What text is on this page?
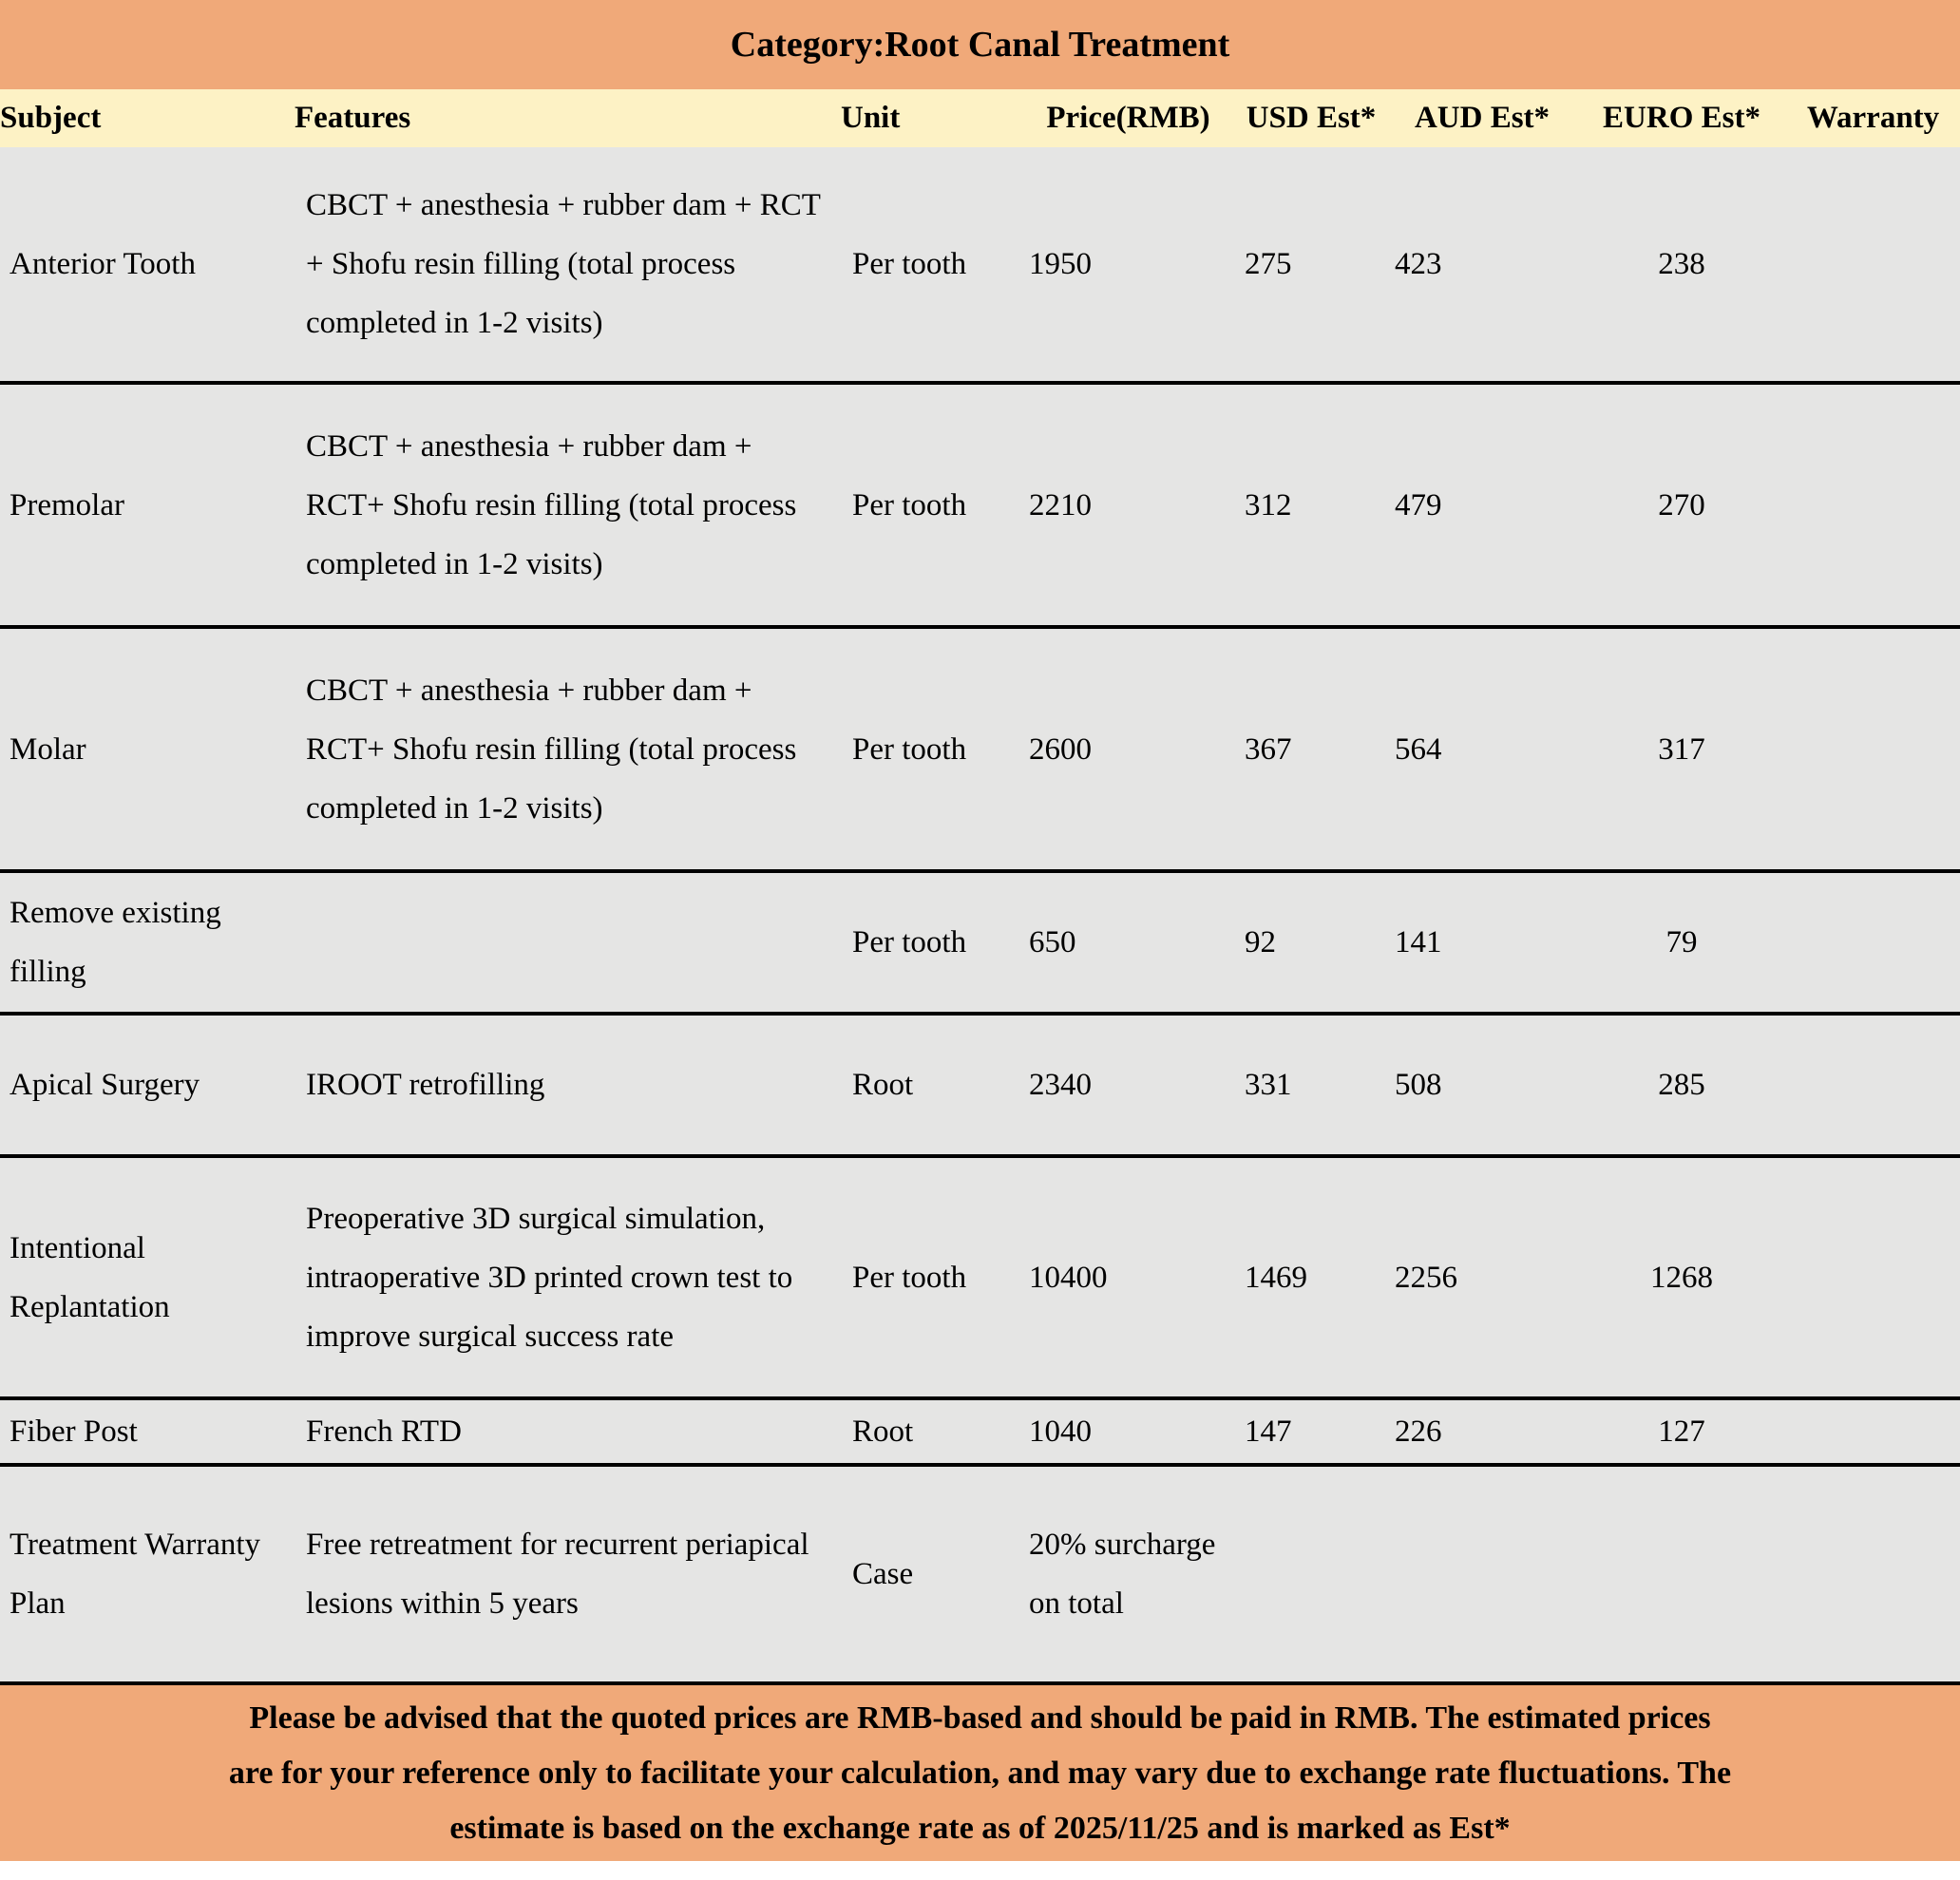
Category:Root Canal Treatment							
Subject	Features	Unit	Price(RMB)	USD Est*	AUD Est*	EURO Est*	Warranty
Anterior Tooth	CBCT + anesthesia + rubber dam + RCT + Shofu resin filling (total process completed in 1-2 visits)	Per tooth	1950	275	423	238	
Premolar	CBCT + anesthesia + rubber dam + RCT+ Shofu resin filling (total process completed in 1-2 visits)	Per tooth	2210	312	479	270	
Molar	CBCT + anesthesia + rubber dam + RCT+ Shofu resin filling (total process completed in 1-2 visits)	Per tooth	2600	367	564	317	
Remove existing filling		Per tooth	650	92	141	79	
Apical Surgery	IROOT retrofilling	Root	2340	331	508	285	
Intentional Replantation	Preoperative 3D surgical simulation, intraoperative 3D printed crown test to improve surgical success rate	Per tooth	10400	1469	2256	1268	
Fiber Post	French RTD	Root	1040	147	226	127	
Treatment Warranty Plan	Free retreatment for recurrent periapical lesions within 5 years	Case	20% surcharge on total				
Please be advised that the quoted prices are RMB-based and should be paid in RMB. The estimated prices
are for your reference only to facilitate your calculation, and may vary due to exchange rate fluctuations. The
estimate is based on the exchange rate as of 2025/11/25 and is marked as Est*
